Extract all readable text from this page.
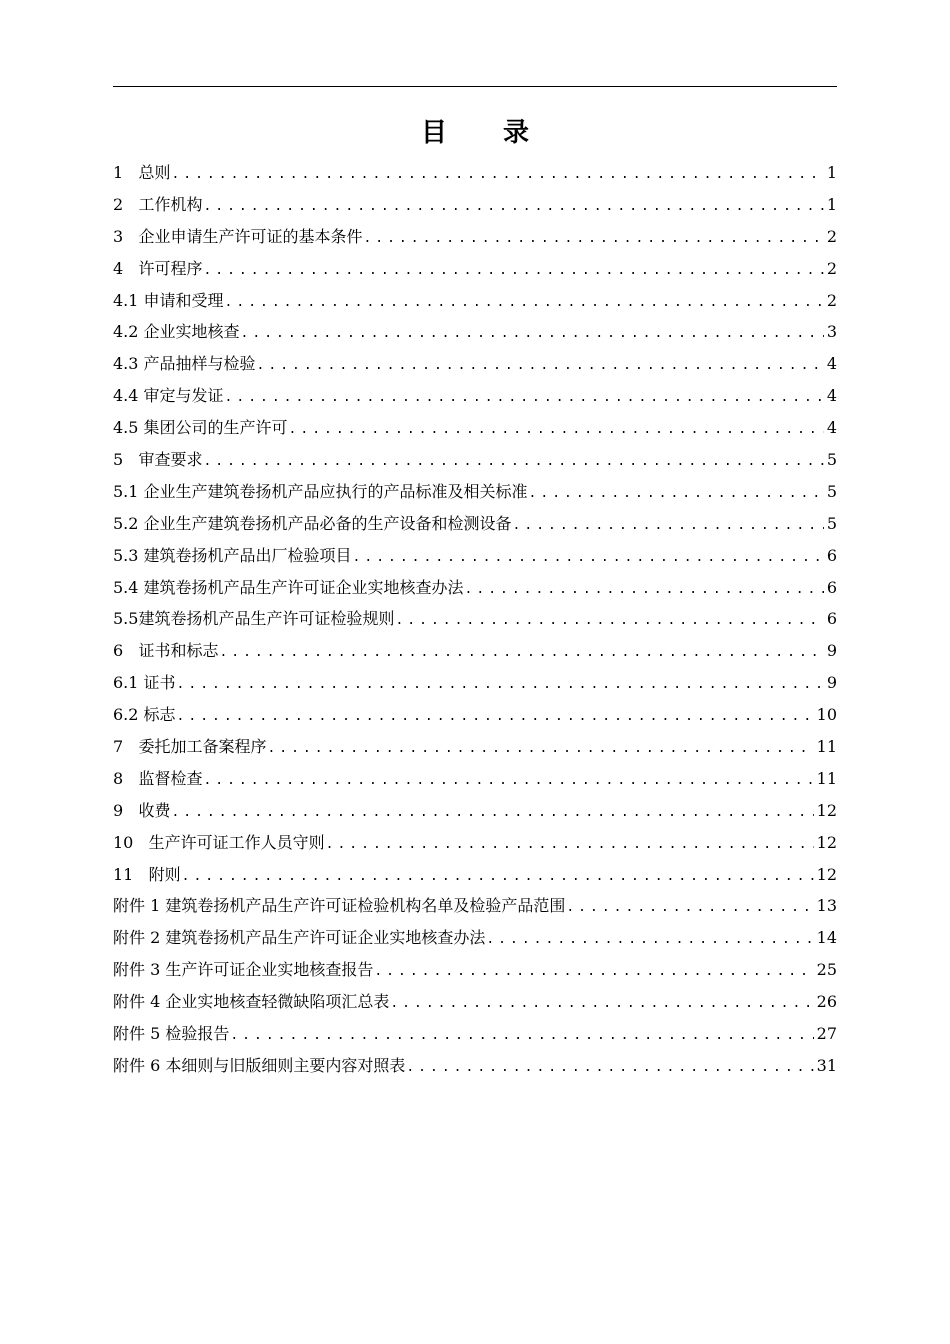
目 录
1 总则 .....	1
2 工作机构 .....	1
3 企业申请生产许可证的基本条件 .....	2
4 许可程序 .....	2
4.1 申请和受理 .....	2
4.2 企业实地核查 .....	3
4.3 产品抽样与检验 .....	4
4.4 审定与发证 .....	4
4.5 集团公司的生产许可 .....	4
5 审查要求 .....	5
5.1 企业生产建筑卷扬机产品应执行的产品标准及相关标准 .....	5
5.2 企业生产建筑卷扬机产品必备的生产设备和检测设备 .....	5
5.3 建筑卷扬机产品出厂检验项目 .....	6
5.4 建筑卷扬机产品生产许可证企业实地核查办法 .....	6
5.5 建筑卷扬机产品生产许可证检验规则 .....	6
6 证书和标志 .....	9
6.1 证书 .....	9
6.2 标志 .....	10
7 委托加工备案程序 .....	11
8 监督检查 .....	11
9 收费 .....	12
10 生产许可证工作人员守则 .....	12
11 附则 .....	12
附件 1 建筑卷扬机产品生产许可证检验机构名单及检验产品范围 .....	13
附件 2 建筑卷扬机产品生产许可证企业实地核查办法 .....	14
附件 3 生产许可证企业实地核查报告 .....	25
附件 4 企业实地核查轻微缺陷项汇总表 .....	26
附件 5 检验报告 .....	27
附件 6 本细则与旧版细则主要内容对照表 .....	31
